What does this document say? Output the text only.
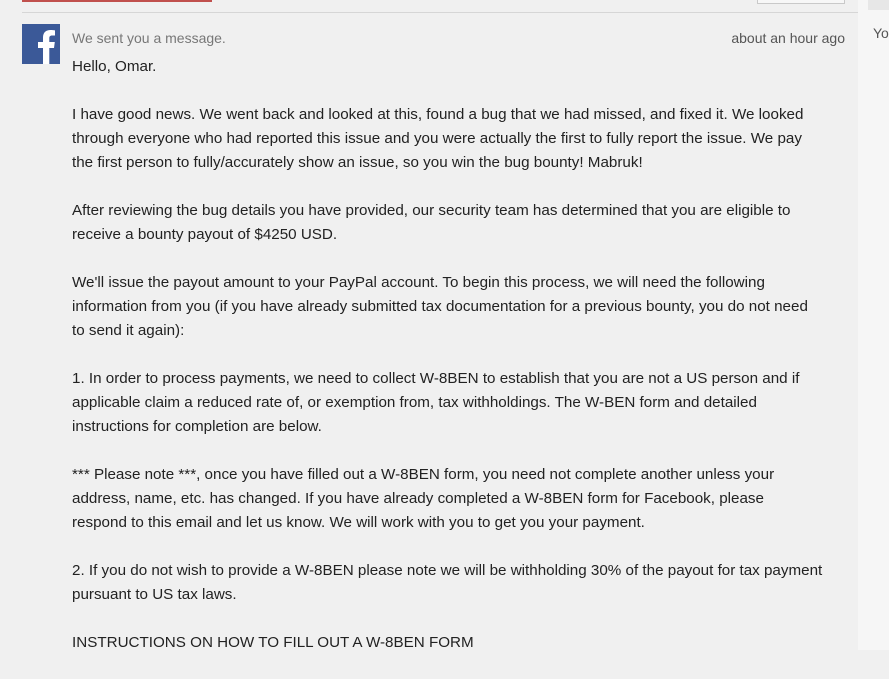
Yo
We sent you a message.	about an hour ago

Hello, Omar.

I have good news. We went back and looked at this, found a bug that we had missed, and fixed it. We looked
through everyone who had reported this issue and you were actually the first to fully report the issue. We pay
the first person to fully/accurately show an issue, so you win the bug bounty! Mabruk!

After reviewing the bug details you have provided, our security team has determined that you are eligible to
receive a bounty payout of $4250 USD.

We'll issue the payout amount to your PayPal account. To begin this process, we will need the following
information from you (if you have already submitted tax documentation for a previous bounty, you do not need
to send it again):

1. In order to process payments, we need to collect W-8BEN to establish that you are not a US person and if
applicable claim a reduced rate of, or exemption from, tax withholdings. The W-BEN form and detailed
instructions for completion are below.

*** Please note ***, once you have filled out a W-8BEN form, you need not complete another unless your
address, name, etc. has changed. If you have already completed a W-8BEN form for Facebook, please
respond to this email and let us know. We will work with you to get you your payment.

2. If you do not wish to provide a W-8BEN please note we will be withholding 30% of the payout for tax payment
pursuant to US tax laws.

INSTRUCTIONS ON HOW TO FILL OUT A W-8BEN FORM
